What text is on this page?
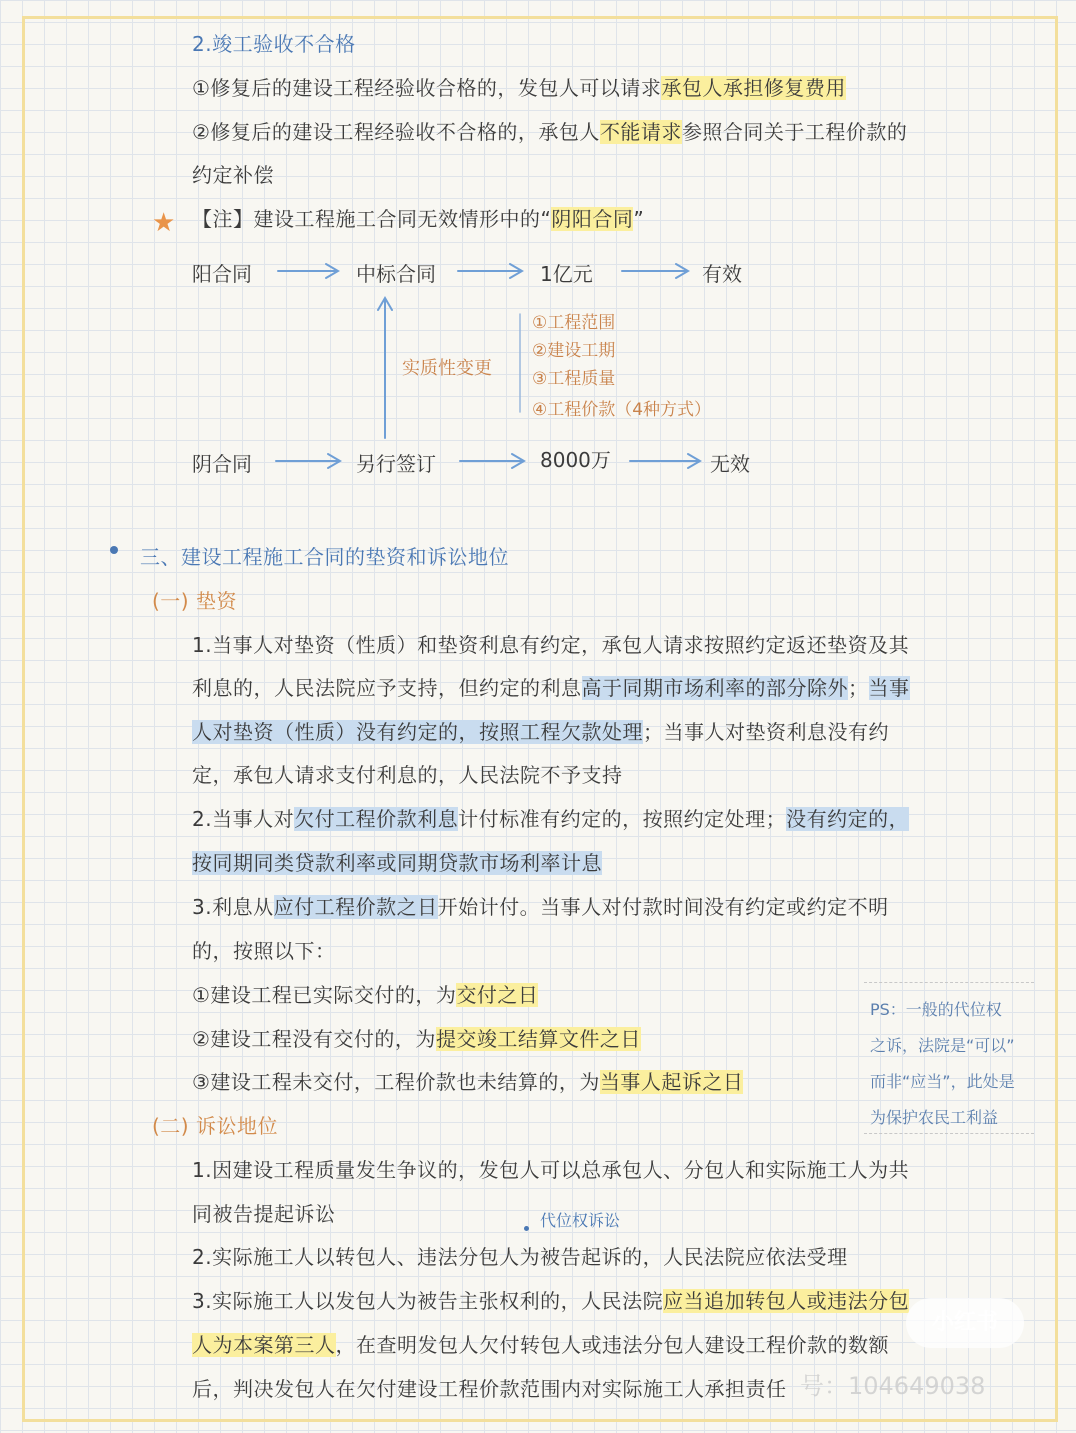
2.竣工验收不合格
①修复后的建设工程经验收合格的，发包人可以请求承包人承担修复费用
②修复后的建设工程经验收不合格的，承包人不能请求参照合同关于工程价款的
约定补偿
★ 【注】建设工程施工合同无效情形中的“阴阳合同”
阳合同	中标合同	1亿元	有效
实质性变更
①工程范围
②建设工期
③工程质量
④工程价款（4种方式）
阴合同	另行签订	8000万	无效
三、建设工程施工合同的垫资和诉讼地位
(一) 垫资
1.当事人对垫资（性质）和垫资利息有约定，承包人请求按照约定返还垫资及其
利息的，人民法院应予支持，但约定的利息高于同期市场利率的部分除外；当事
人对垫资（性质）没有约定的，按照工程欠款处理；当事人对垫资利息没有约
定，承包人请求支付利息的，人民法院不予支持
2.当事人对欠付工程价款利息计付标准有约定的，按照约定处理；没有约定的，
按同期同类贷款利率或同期贷款市场利率计息
3.利息从应付工程价款之日开始计付。当事人对付款时间没有约定或约定不明
的，按照以下：
①建设工程已实际交付的，为交付之日
②建设工程没有交付的，为提交竣工结算文件之日
③建设工程未交付，工程价款也未结算的，为当事人起诉之日
(二) 诉讼地位
1.因建设工程质量发生争议的，发包人可以总承包人、分包人和实际施工人为共
同被告提起诉讼
2.实际施工人以转包人、违法分包人为被告起诉的，人民法院应依法受理
3.实际施工人以发包人为被告主张权利的，人民法院应当追加转包人或违法分包
人为本案第三人，在查明发包人欠付转包人或违法分包人建设工程价款的数额
后，判决发包人在欠付建设工程价款范围内对实际施工人承担责任
PS：一般的代位权
之诉，法院是“可以”
而非“应当”，此处是
为保护农民工利益
代位权诉讼
小红书
号：104649038
